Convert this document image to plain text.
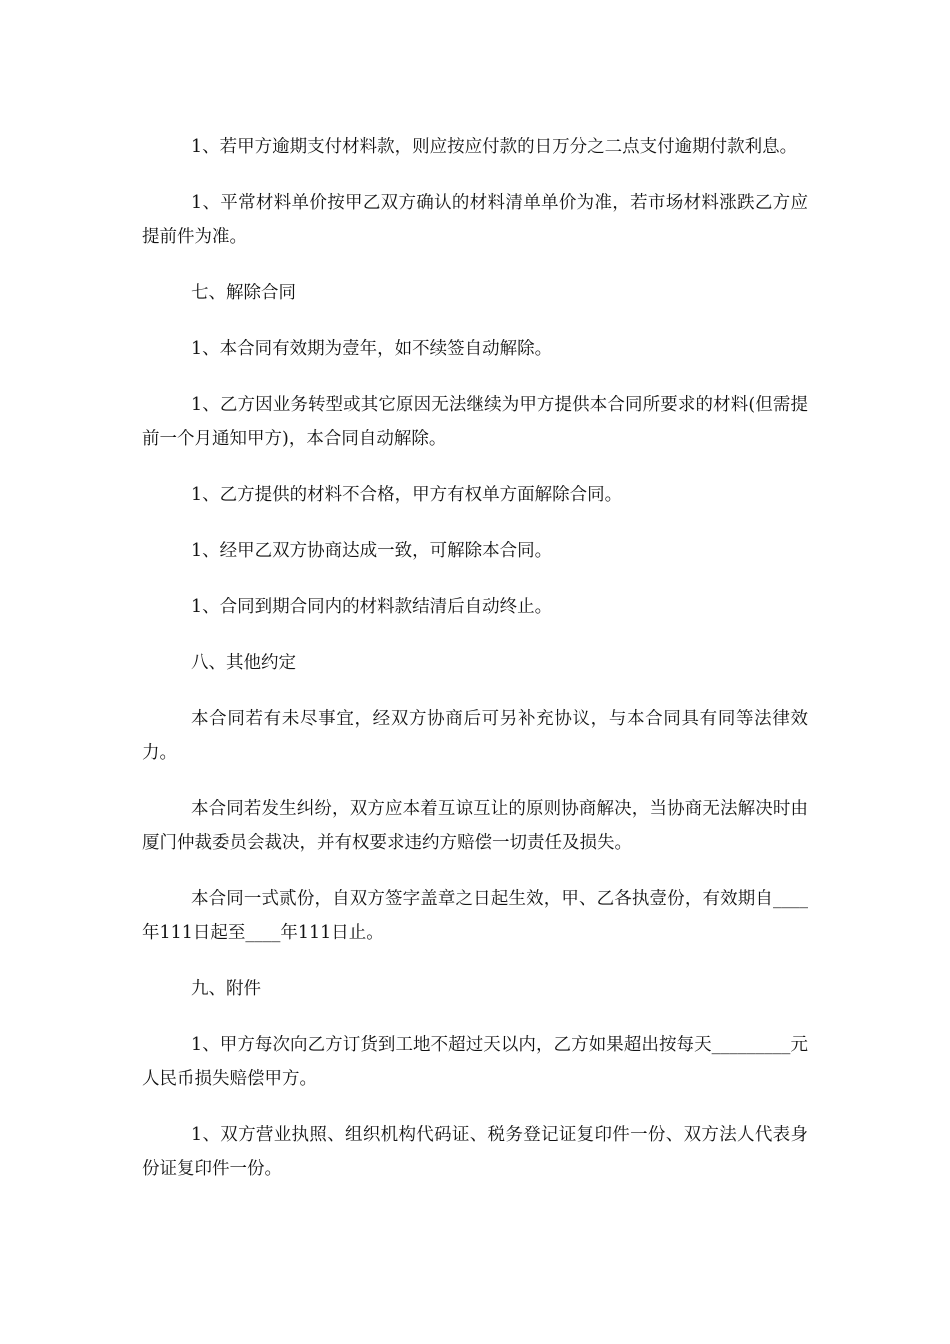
1、若甲方逾期支付材料款，则应按应付款的日万分之二点支付逾期付款利息。

1、平常材料单价按甲乙双方确认的材料清单单价为准，若市场材料涨跌乙方应提前件为准。

七、解除合同

1、本合同有效期为壹年，如不续签自动解除。

1、乙方因业务转型或其它原因无法继续为甲方提供本合同所要求的材料(但需提前一个月通知甲方)，本合同自动解除。

1、乙方提供的材料不合格，甲方有权单方面解除合同。

1、经甲乙双方协商达成一致，可解除本合同。

1、合同到期合同内的材料款结清后自动终止。

八、其他约定

本合同若有未尽事宜，经双方协商后可另补充协议，与本合同具有同等法律效力。

本合同若发生纠纷，双方应本着互谅互让的原则协商解决，当协商无法解决时由厦门仲裁委员会裁决，并有权要求违约方赔偿一切责任及损失。

本合同一式贰份，自双方签字盖章之日起生效，甲、乙各执壹份，有效期自____年111日起至____年111日止。

九、附件

1、甲方每次向乙方订货到工地不超过天以内，乙方如果超出按每天_________元人民币损失赔偿甲方。

1、双方营业执照、组织机构代码证、税务登记证复印件一份、双方法人代表身份证复印件一份。
